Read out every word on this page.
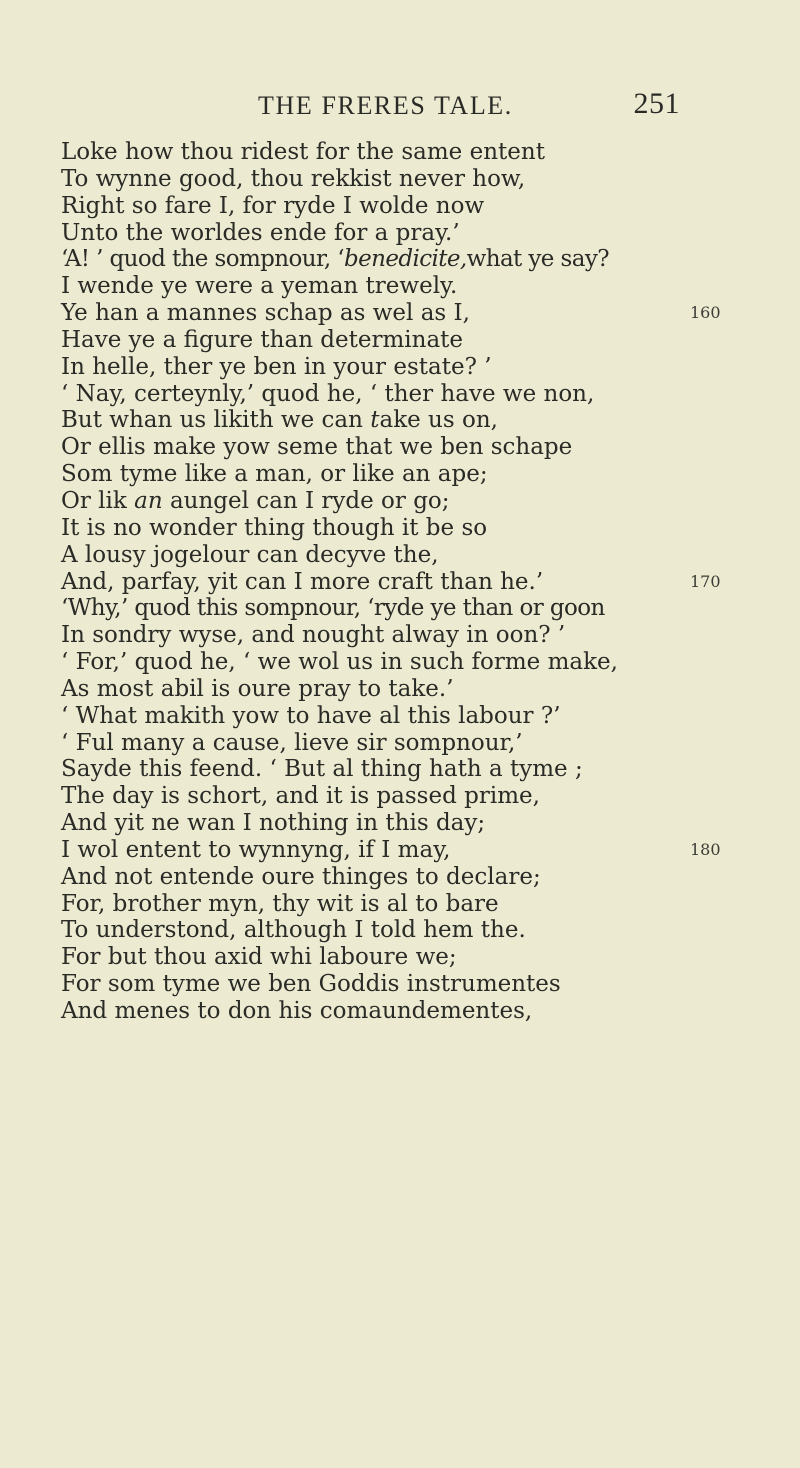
THE FRERES TALE.	251
Loke how thou ridest for the same entent
To wynne good, thou rekkist never how,
Right so fare I, for ryde I wolde now
Unto the worldes ende for a pray.’
‘A! ’ quod the sompnour, ‘benedicite,what ye say?
I wende ye were a yeman trewely.
Ye han a mannes schap as wel as I,	160
Have ye a figure than determinate
In helle, ther ye ben in your estate? ’
‘ Nay, certeynly,’ quod he, ‘ ther have we non,
But whan us likith we can take us on,
Or ellis make yow seme that we ben schape
Som tyme like a man, or like an ape;
Or lik an aungel can I ryde or go;
It is no wonder thing though it be so
A lousy jogelour can decyve the,
And, parfay, yit can I more craft than he.’	170
‘Why,’ quod this sompnour, ‘ryde ye than or goon
In sondry wyse, and nought alway in oon? ’
‘ For,’ quod he, ‘ we wol us in such forme make,
As most abil is oure pray to take.’
‘ What makith yow to have al this labour ?’
‘ Ful many a cause, lieve sir sompnour,’
Sayde this feend. ‘ But al thing hath a tyme ;
The day is schort, and it is passed prime,
And yit ne wan I nothing in this day;
I wol entent to wynnyng, if I may,	180
And not entende oure thinges to declare;
For, brother myn, thy wit is al to bare
To understond, although I told hem the.
For but thou axid whi laboure we;
For som tyme we ben Goddis instrumentes
And menes to don his comaundementes,
